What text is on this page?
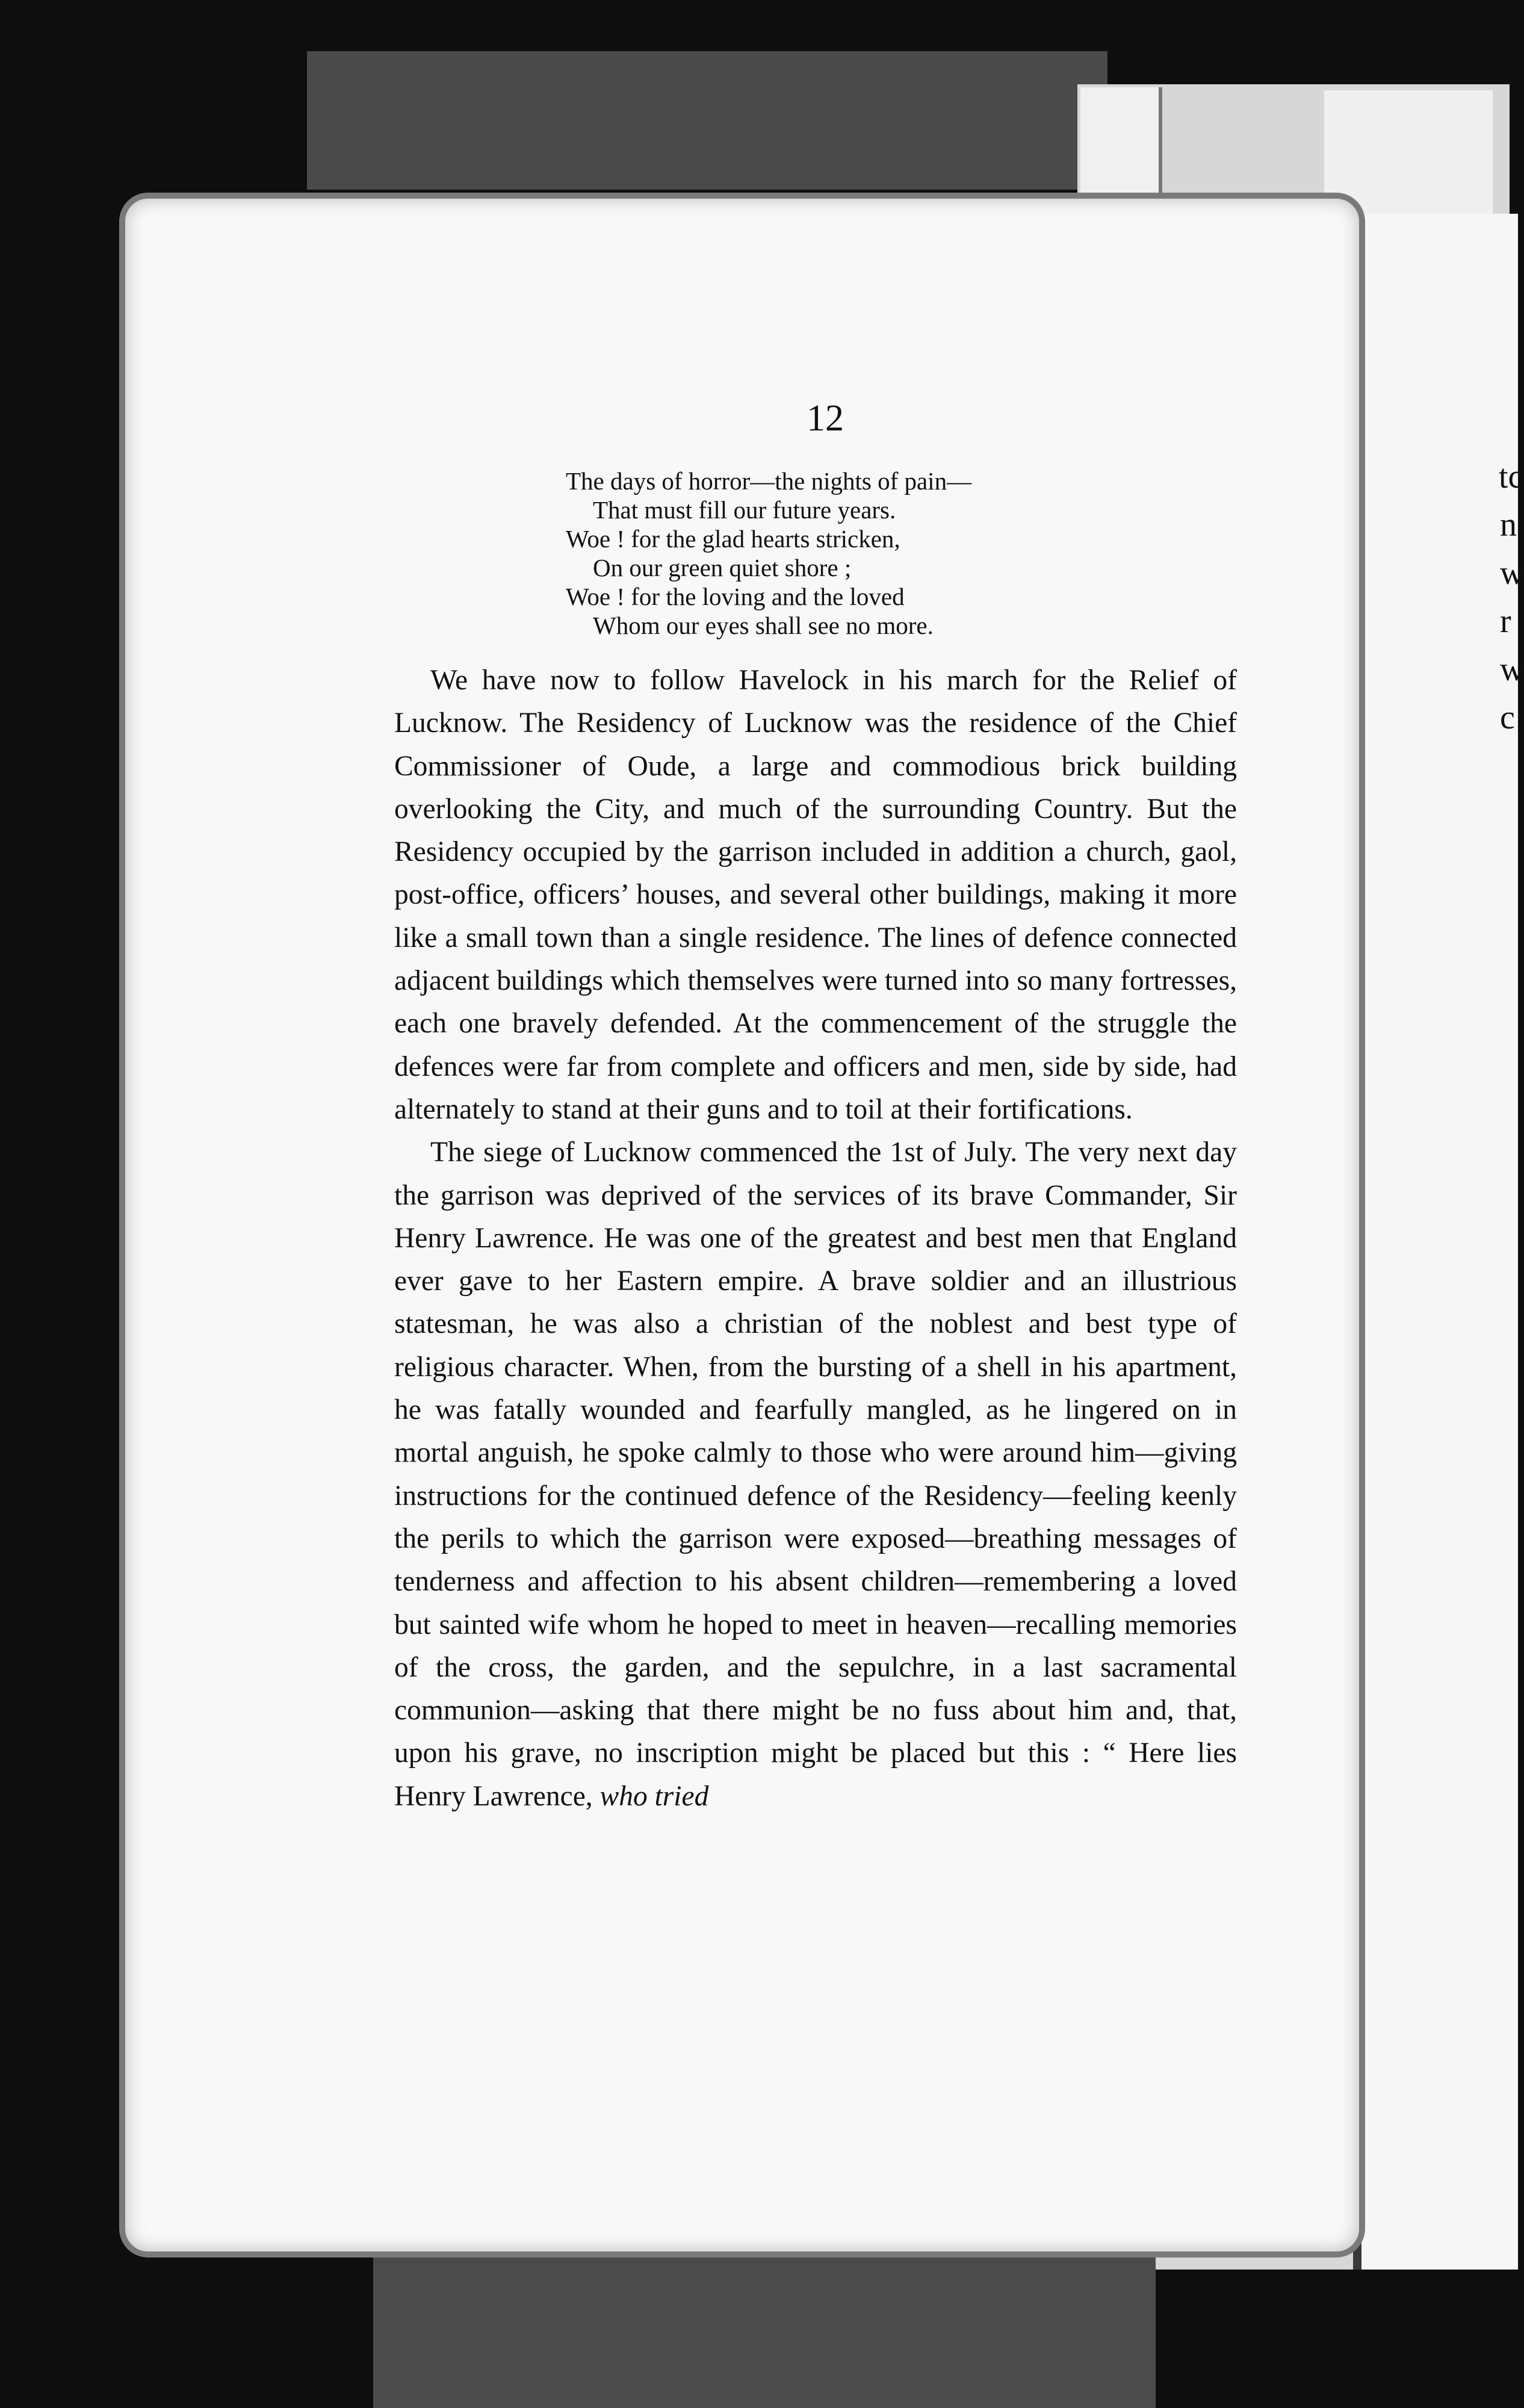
tc
n
w
r
w
c
12
The days of horror—the nights of pain—
That must fill our future years.
Woe ! for the glad hearts stricken,
On our green quiet shore ;
Woe ! for the loving and the loved
Whom our eyes shall see no more.

We have now to follow Havelock in his march for the Relief of Lucknow. The Residency of Lucknow was the residence of the Chief Commissioner of Oude, a large and commodious brick building overlooking the City, and much of the surrounding Country. But the Residency occupied by the garrison included in addition a church, gaol, post-office, officers’ houses, and several other buildings, making it more like a small town than a single residence. The lines of defence connected adjacent buildings which themselves were turned into so many fortresses, each one bravely defended. At the commencement of the struggle the defences were far from complete and officers and men, side by side, had alternately to stand at their guns and to toil at their fortifications.

The siege of Lucknow commenced the 1st of July. The very next day the garrison was deprived of the services of its brave Commander, Sir Henry Lawrence. He was one of the greatest and best men that England ever gave to her Eastern empire. A brave soldier and an illustrious statesman, he was also a christian of the noblest and best type of religious character. When, from the bursting of a shell in his apartment, he was fatally wounded and fearfully mangled, as he lingered on in mortal anguish, he spoke calmly to those who were around him—giving instructions for the continued defence of the Residency—feeling keenly the perils to which the garrison were exposed—breathing messages of tenderness and affection to his absent children—remembering a loved but sainted wife whom he hoped to meet in heaven—recalling memories of the cross, the garden, and the sepulchre, in a last sacramental communion—asking that there might be no fuss about him and, that, upon his grave, no inscription might be placed but this : “ Here lies Henry Lawrence, who tried
